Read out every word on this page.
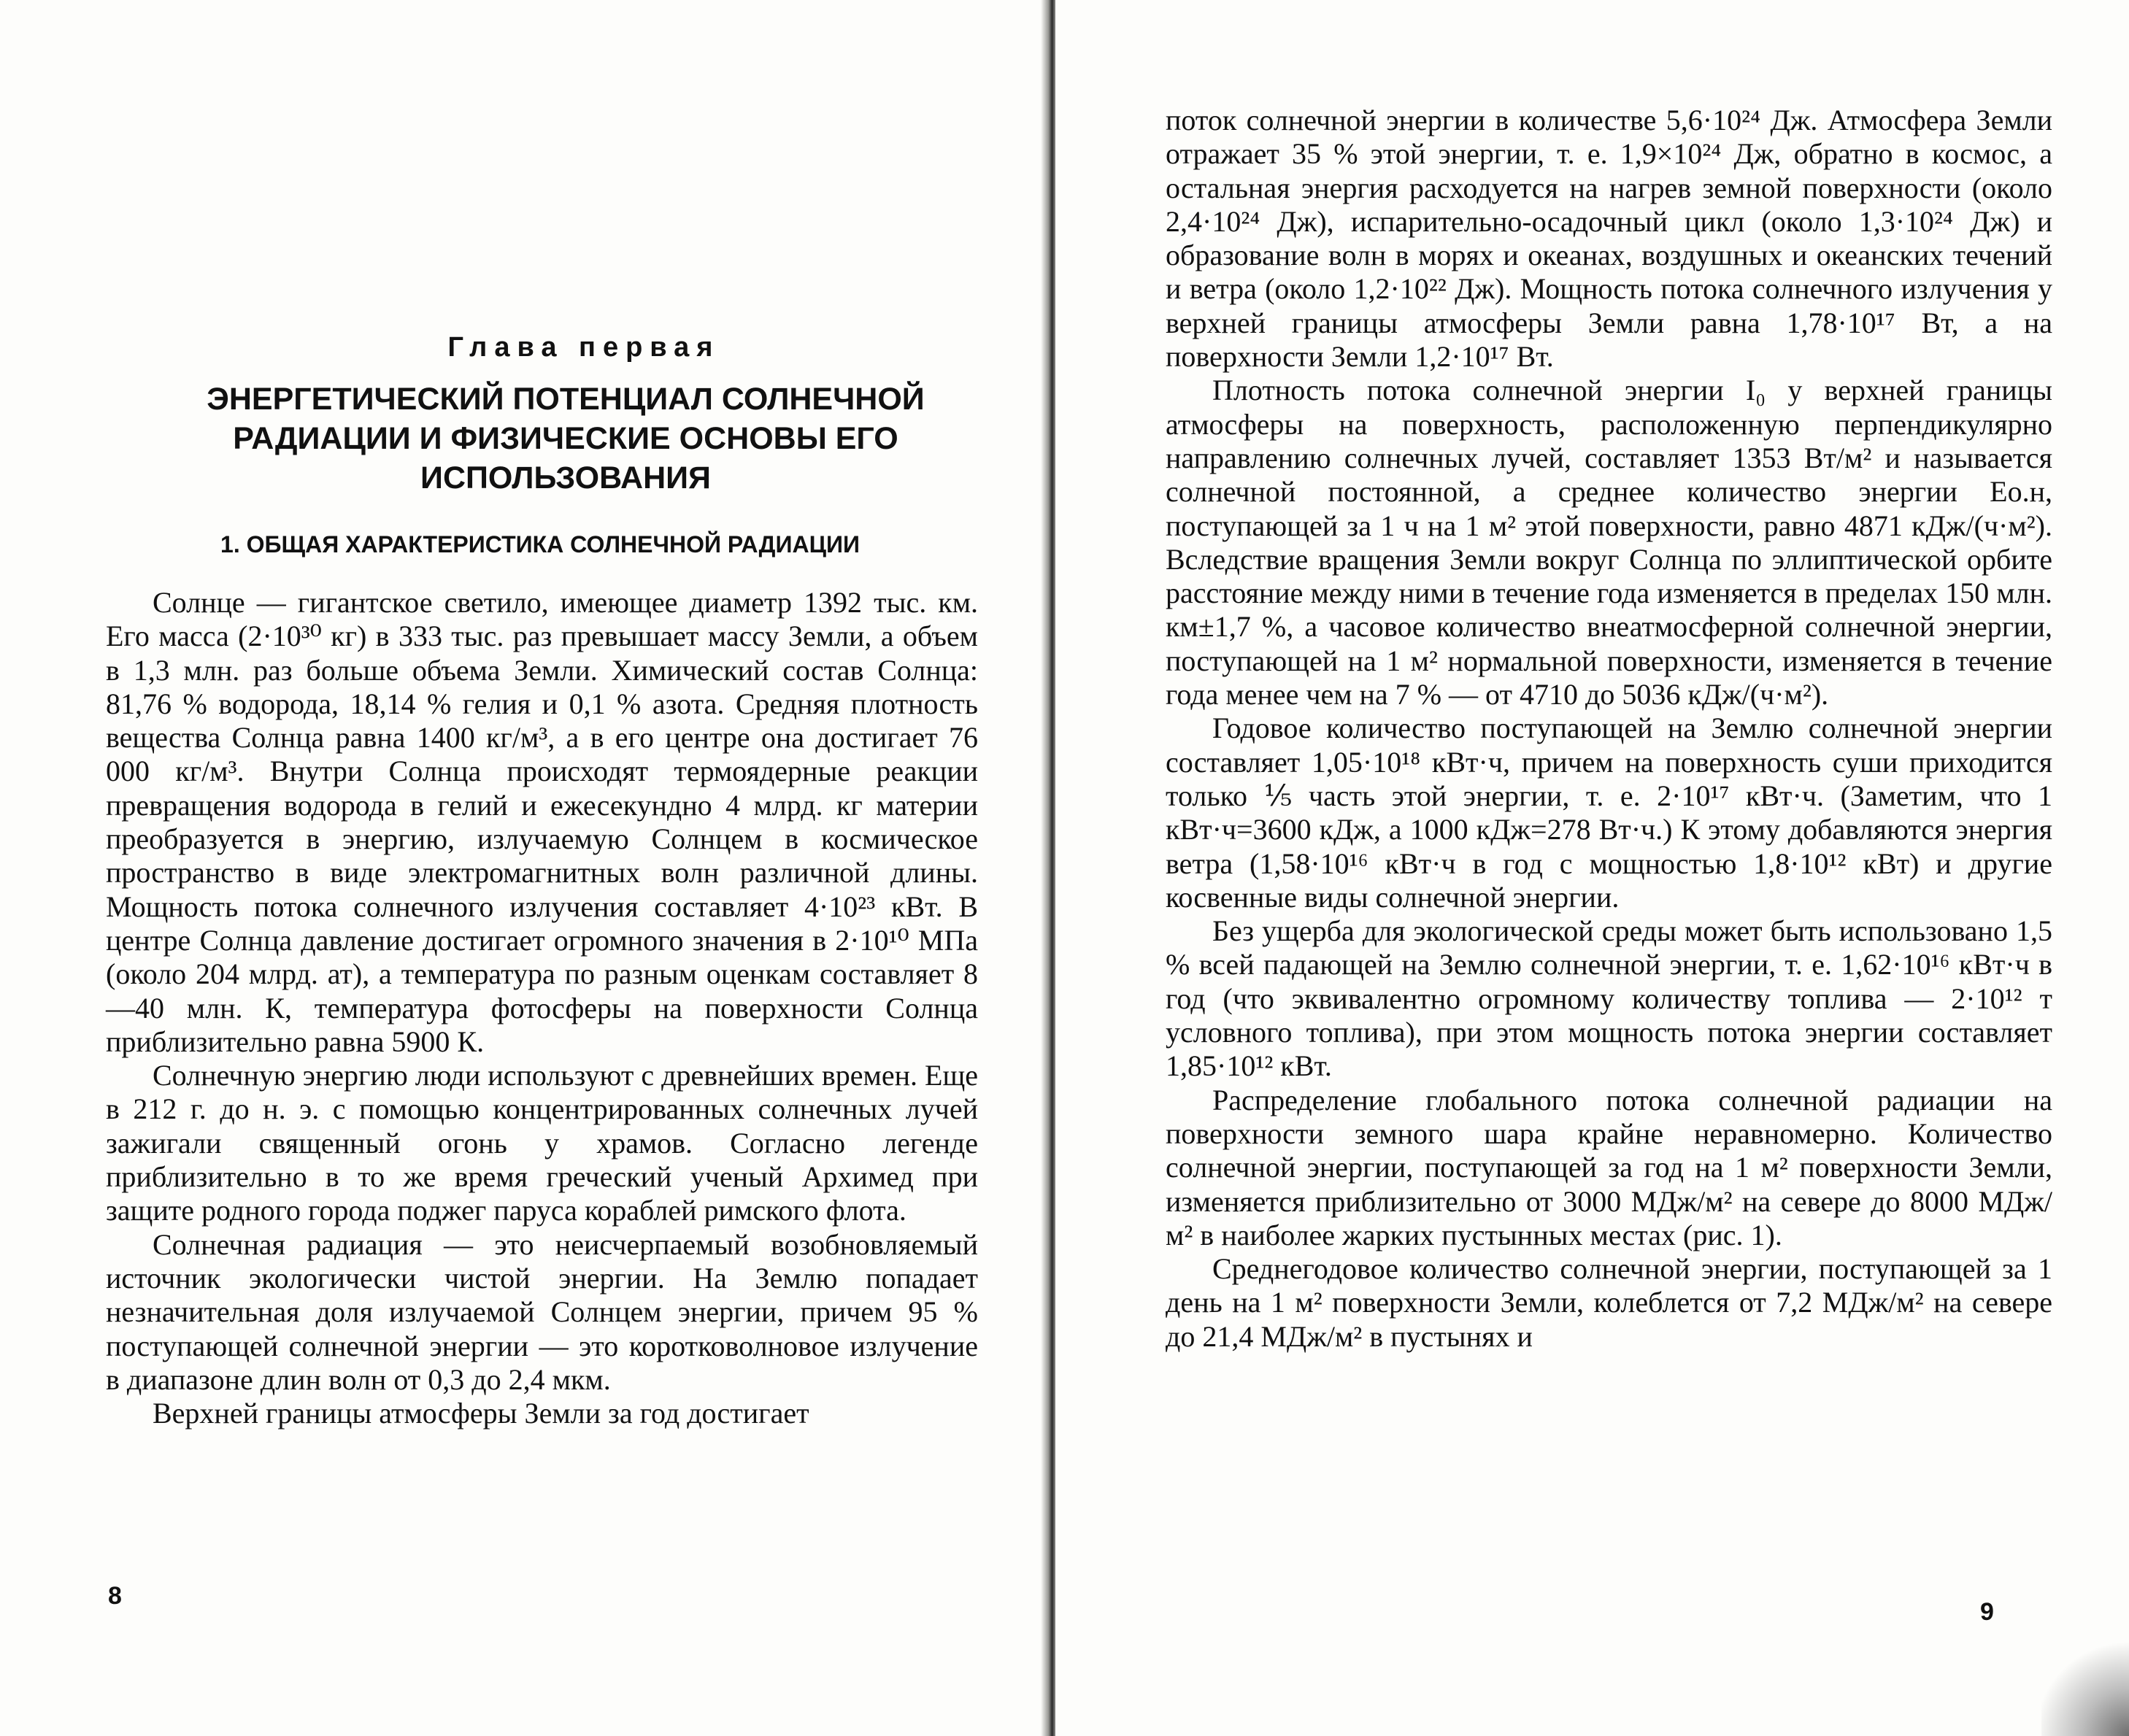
Глава первая
ЭНЕРГЕТИЧЕСКИЙ ПОТЕНЦИАЛ СОЛНЕЧНОЙ РАДИАЦИИ И ФИЗИЧЕСКИЕ ОСНОВЫ ЕГО ИСПОЛЬЗОВАНИЯ
1. ОБЩАЯ ХАРАКТЕРИСТИКА СОЛНЕЧНОЙ РАДИАЦИИ

Солнце — гигантское светило, имеющее диаметр 1392 тыс. км. Его масса (2·10³⁰ кг) в 333 тыс. раз превышает массу Земли, а объем в 1,3 млн. раз больше объема Земли. Химический состав Солнца: 81,76 % водорода, 18,14 % гелия и 0,1 % азота. Средняя плотность вещества Солнца равна 1400 кг/м³, а в его центре она достигает 76 000 кг/м³. Внутри Солнца происходят термоядерные реакции превращения водорода в гелий и ежесекундно 4 млрд. кг материи преобразуется в энергию, излучаемую Солнцем в космическое пространство в виде электромагнитных волн различной длины. Мощность потока солнечного излучения составляет 4·10²³ кВт. В центре Солнца давление достигает огромного значения в 2·10¹⁰ МПа (около 204 млрд. ат), а температура по разным оценкам составляет 8—40 млн. К, температура фотосферы на поверхности Солнца приблизительно равна 5900 К.

Солнечную энергию люди используют с древнейших времен. Еще в 212 г. до н. э. с помощью концентрированных солнечных лучей зажигали священный огонь у храмов. Согласно легенде приблизительно в то же время греческий ученый Архимед при защите родного города поджег паруса кораблей римского флота.

Солнечная радиация — это неисчерпаемый возобновляемый источник экологически чистой энергии. На Землю попадает незначительная доля излучаемой Солнцем энергии, причем 95 % поступающей солнечной энергии — это коротковолновое излучение в диапазоне длин волн от 0,3 до 2,4 мкм.

Верхней границы атмосферы Земли за год достигает

8

поток солнечной энергии в количестве 5,6·10²⁴ Дж. Атмосфера Земли отражает 35 % этой энергии, т. е. 1,9×10²⁴ Дж, обратно в космос, а остальная энергия расходуется на нагрев земной поверхности (около 2,4·10²⁴ Дж), испарительно-осадочный цикл (около 1,3·10²⁴ Дж) и образование волн в морях и океанах, воздушных и океанских течений и ветра (около 1,2·10²² Дж). Мощность потока солнечного излучения у верхней границы атмосферы Земли равна 1,78·10¹⁷ Вт, а на поверхности Земли 1,2·10¹⁷ Вт.

Плотность потока солнечной энергии I₀ у верхней границы атмосферы на поверхность, расположенную перпендикулярно направлению солнечных лучей, составляет 1353 Вт/м² и называется солнечной постоянной, а среднее количество энергии Eо.н, поступающей за 1 ч на 1 м² этой поверхности, равно 4871 кДж/(ч·м²). Вследствие вращения Земли вокруг Солнца по эллиптической орбите расстояние между ними в течение года изменяется в пределах 150 млн. км±1,7 %, а часовое количество внеатмосферной солнечной энергии, поступающей на 1 м² нормальной поверхности, изменяется в течение года менее чем на 7 % — от 4710 до 5036 кДж/(ч·м²).

Годовое количество поступающей на Землю солнечной энергии составляет 1,05·10¹⁸ кВт·ч, причем на поверхность суши приходится только ⅕ часть этой энергии, т. е. 2·10¹⁷ кВт·ч. (Заметим, что 1 кВт·ч=3600 кДж, а 1000 кДж=278 Вт·ч.) К этому добавляются энергия ветра (1,58·10¹⁶ кВт·ч в год с мощностью 1,8·10¹² кВт) и другие косвенные виды солнечной энергии.

Без ущерба для экологической среды может быть использовано 1,5 % всей падающей на Землю солнечной энергии, т. е. 1,62·10¹⁶ кВт·ч в год (что эквивалентно огромному количеству топлива — 2·10¹² т условного топлива), при этом мощность потока энергии составляет 1,85·10¹² кВт.

Распределение глобального потока солнечной радиации на поверхности земного шара крайне неравномерно. Количество солнечной энергии, поступающей за год на 1 м² поверхности Земли, изменяется приблизительно от 3000 МДж/м² на севере до 8000 МДж/м² в наиболее жарких пустынных местах (рис. 1).

Среднегодовое количество солнечной энергии, поступающей за 1 день на 1 м² поверхности Земли, колеблется от 7,2 МДж/м² на севере до 21,4 МДж/м² в пустынях и

9
